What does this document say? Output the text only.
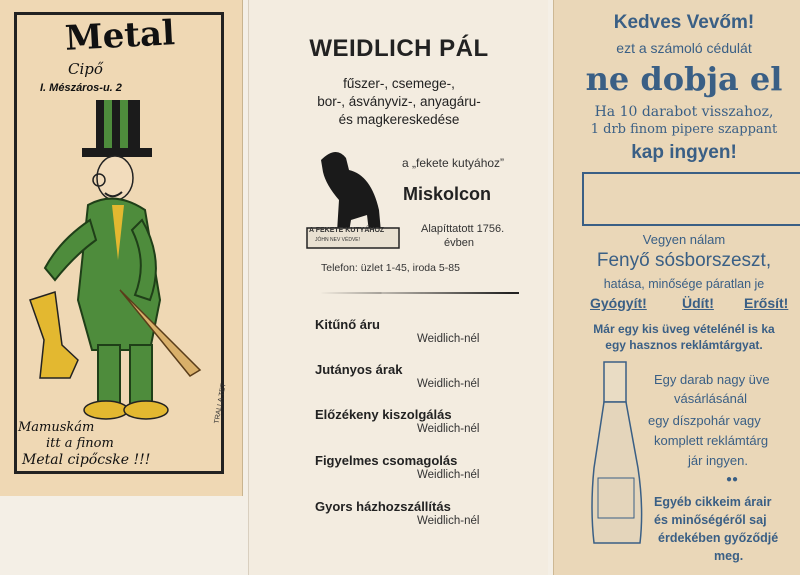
Metal
Cipő
I. Mészáros-u. 2
Mamuskám
itt a finom
Metal cipőcske !!!
TRALLA TET
WEIDLICH PÁL
fűszer-, csemege-,
bor-, ásványviz-, anyagáru-
és magkereskedése
A FEKETE KUTYÁHOZ
JÓHN NEV VÉDVE!
a „fekete kutyához”
Miskolcon
Alapíttatott 1756.
évben
Telefon: üzlet 1-45, iroda 5-85
Kitűnő áru
Weidlich-nél
Jutányos árak
Weidlich-nél
Előzékeny kiszolgálás
Weidlich-nél
Figyelmes csomagolás
Weidlich-nél
Gyors házhozszállítás
Weidlich-nél
Kedves Vevőm!
ezt a számoló cédulát
ne dobja el
Ha 10 darabot visszahoz,
1 drb finom pipere szappant
kap ingyen!
Vegyen nálam
Fenyő sósborszeszt,
hatása, minősége páratlan je
Gyógyít!	Üdít! Erősít!
Már egy kis üveg vételénél is ka
egy hasznos reklámtárgyat.
Egy darab nagy üve
vásárlásánál
egy díszpohár vagy
komplett reklámtárg
jár ingyen.
●●
Egyéb cikkeim árair
és minőségéről saj
érdekében győződjé
meg.
